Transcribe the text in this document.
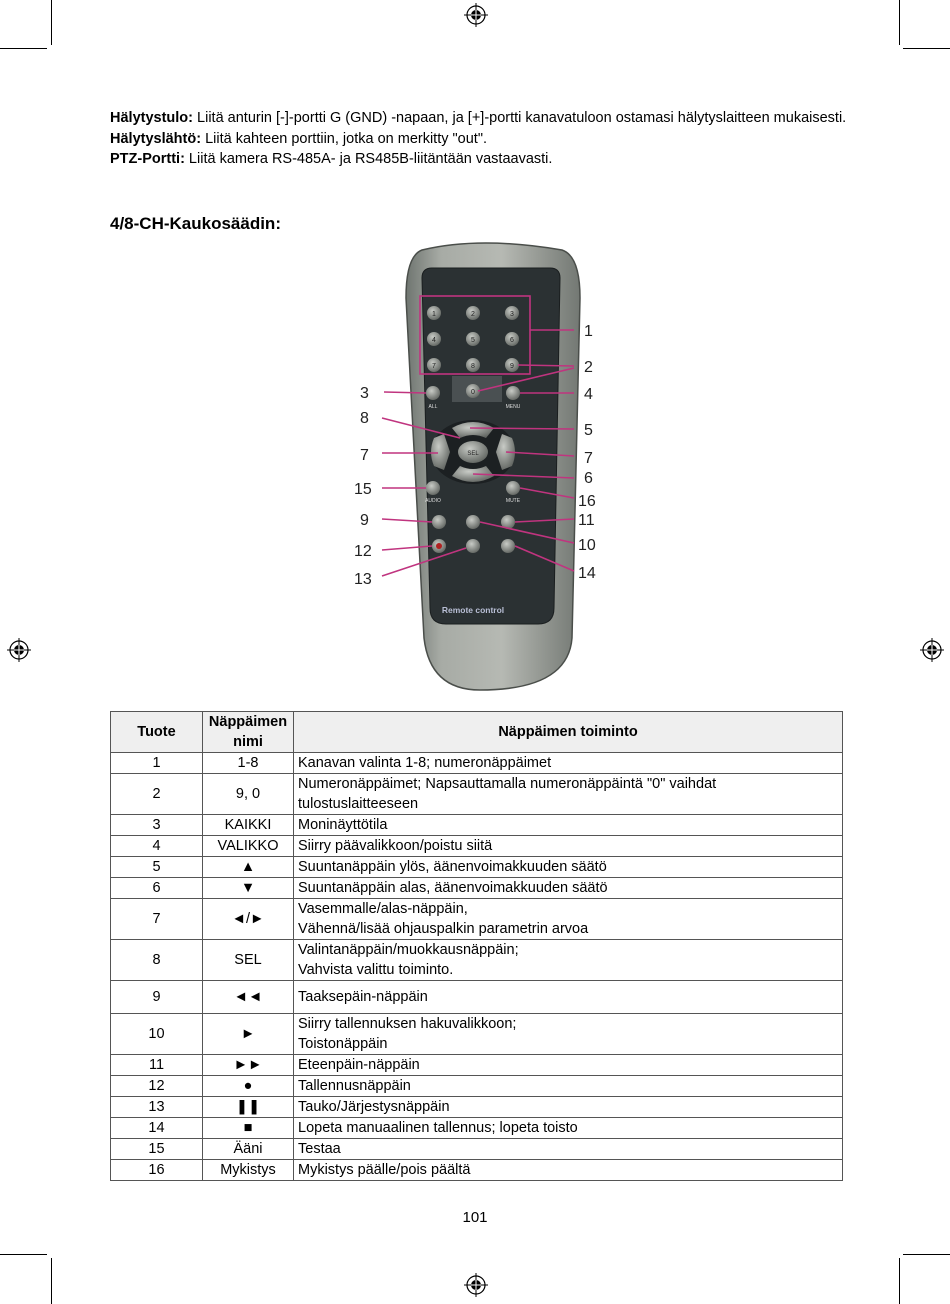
Hälytystulo: Liitä anturin [-]-portti G (GND) -napaan, ja [+]-portti kanavatuloon ostamasi hälytyslaitteen mukaisesti.

Hälytyslähtö: Liitä kahteen porttiin, jotka on merkitty "out".

PTZ-Portti: Liitä kamera RS-485A- ja RS485B-liitäntään vastaavasti.

4/8-CH-Kaukosäädin:
1	2	3
4	5	6
7	8	9
0
ALL	MENU
SEL
AUDIO	MUTE
Remote control
1
2
3	4
5
6
7	7
8
9
10
11
12
13	14
15
16
Tuote	Näppäimen nimi	Näppäimen toiminto
1	1-8	Kanavan valinta 1-8; numeronäppäimet
2	9, 0	Numeronäppäimet; Napsauttamalla numeronäppäintä "0" vaihdat tulostuslaitteeseen
3	KAIKKI	Moninäyttötila
4	VALIKKO	Siirry päävalikkoon/poistu siitä
5	▲	Suuntanäppäin ylös, äänenvoimakkuuden säätö
6	▼	Suuntanäppäin alas, äänenvoimakkuuden säätö
7	◄/►	Vasemmalle/alas-näppäin,
Vähennä/lisää ohjauspalkin parametrin arvoa
8	SEL	Valintanäppäin/muokkausnäppäin;
Vahvista valittu toiminto.
9	◄◄	Taaksepäin-näppäin
10	►	Siirry tallennuksen hakuvalikkoon;
Toistonäppäin
11	►►	Eteenpäin-näppäin
12	●	Tallennusnäppäin
13	❚❚	Tauko/Järjestysnäppäin
14	■	Lopeta manuaalinen tallennus; lopeta toisto
15	Ääni	Testaa
16	Mykistys	Mykistys päälle/pois päältä
101
